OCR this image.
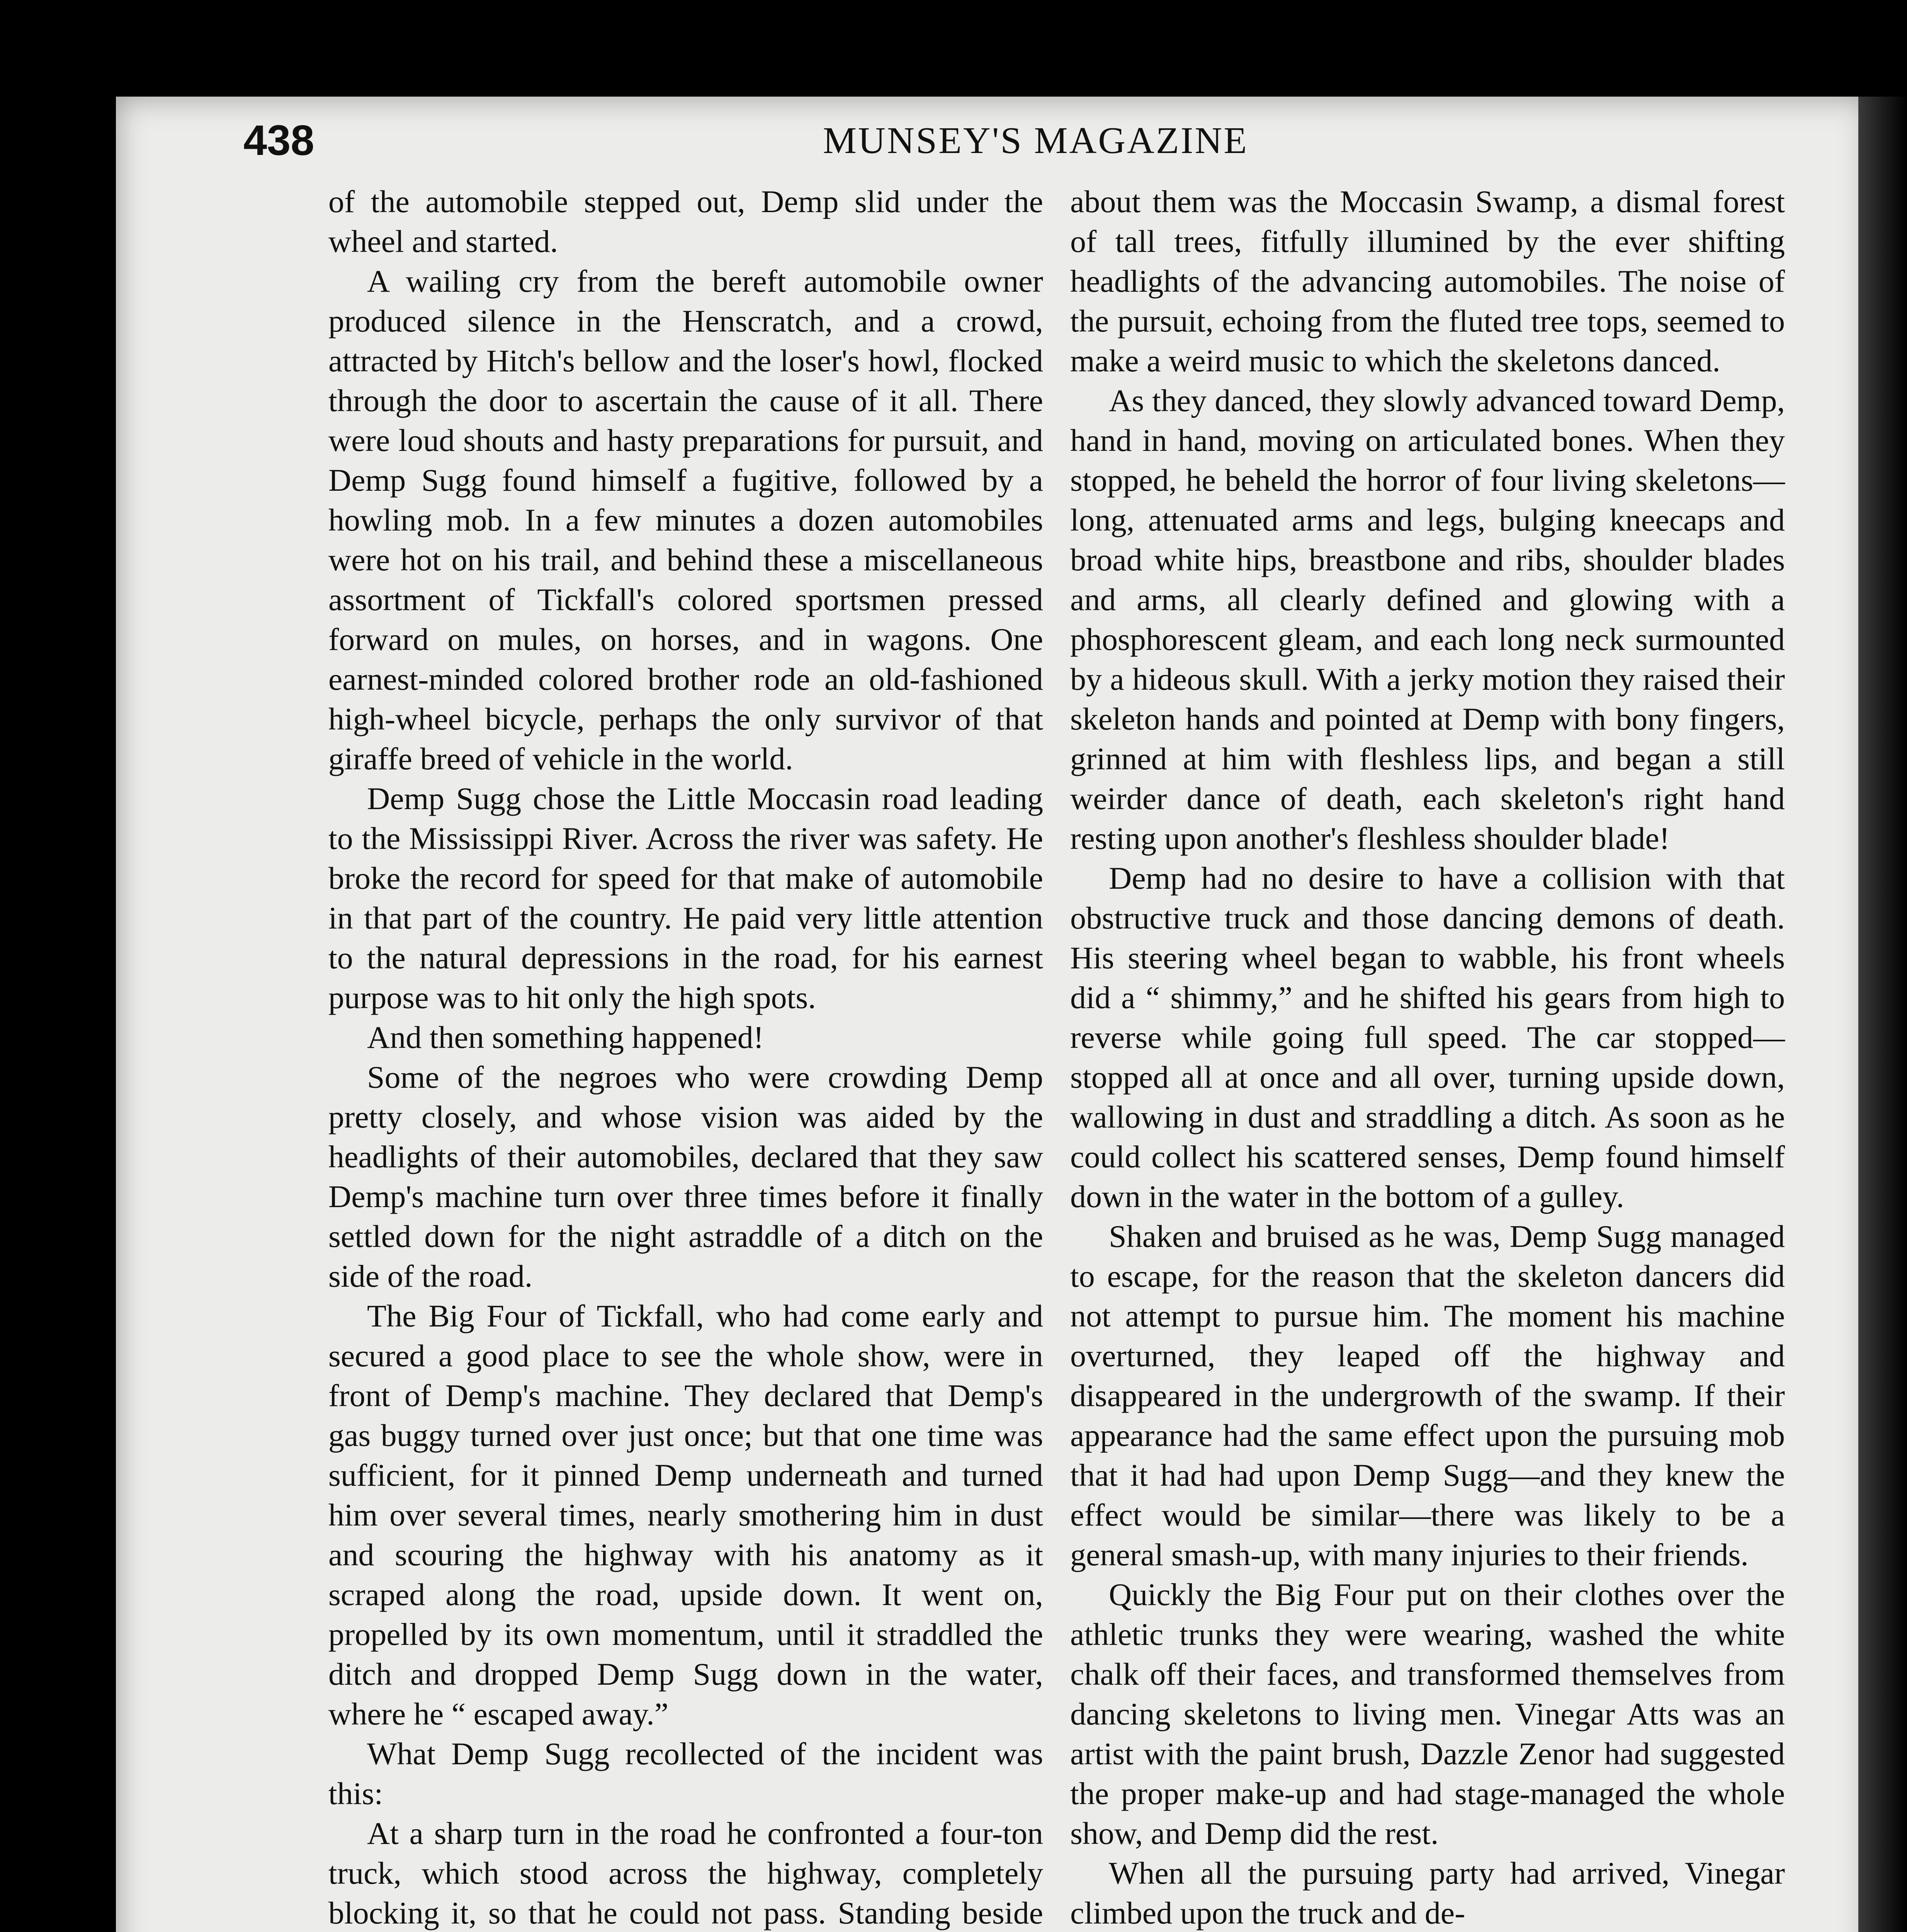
438	MUNSEY'S MAGAZINE

of the automobile stepped out, Demp slid under the wheel and started.

A wailing cry from the bereft automobile owner produced silence in the Henscratch, and a crowd, attracted by Hitch's bellow and the loser's howl, flocked through the door to ascertain the cause of it all. There were loud shouts and hasty preparations for pursuit, and Demp Sugg found himself a fugitive, followed by a howling mob. In a few minutes a dozen automobiles were hot on his trail, and behind these a miscellaneous assortment of Tickfall's colored sportsmen pressed forward on mules, on horses, and in wagons. One earnest-minded colored brother rode an old-fashioned high-wheel bicycle, perhaps the only survivor of that giraffe breed of vehicle in the world.

Demp Sugg chose the Little Moccasin road leading to the Mississippi River. Across the river was safety. He broke the record for speed for that make of automobile in that part of the country. He paid very little attention to the natural depressions in the road, for his earnest purpose was to hit only the high spots.

And then something happened!

Some of the negroes who were crowding Demp pretty closely, and whose vision was aided by the headlights of their automobiles, declared that they saw Demp's machine turn over three times before it finally settled down for the night astraddle of a ditch on the side of the road.

The Big Four of Tickfall, who had come early and secured a good place to see the whole show, were in front of Demp's machine. They declared that Demp's gas buggy turned over just once; but that one time was sufficient, for it pinned Demp underneath and turned him over several times, nearly smothering him in dust and scouring the highway with his anatomy as it scraped along the road, upside down. It went on, propelled by its own momentum, until it straddled the ditch and dropped Demp Sugg down in the water, where he “ escaped away.”

What Demp Sugg recollected of the incident was this:

At a sharp turn in the road he confronted a four-ton truck, which stood across the highway, completely blocking it, so that he could not pass. Standing beside

about them was the Moccasin Swamp, a dismal forest of tall trees, fitfully illumined by the ever shifting headlights of the advancing automobiles. The noise of the pursuit, echoing from the fluted tree tops, seemed to make a weird music to which the skeletons danced.

As they danced, they slowly advanced toward Demp, hand in hand, moving on articulated bones. When they stopped, he beheld the horror of four living skeletons—long, attenuated arms and legs, bulging kneecaps and broad white hips, breastbone and ribs, shoulder blades and arms, all clearly defined and glowing with a phosphorescent gleam, and each long neck surmounted by a hideous skull. With a jerky motion they raised their skeleton hands and pointed at Demp with bony fingers, grinned at him with fleshless lips, and began a still weirder dance of death, each skeleton's right hand resting upon another's fleshless shoulder blade!

Demp had no desire to have a collision with that obstructive truck and those dancing demons of death. His steering wheel began to wabble, his front wheels did a “ shimmy,” and he shifted his gears from high to reverse while going full speed. The car stopped—stopped all at once and all over, turning upside down, wallowing in dust and straddling a ditch. As soon as he could collect his scattered senses, Demp found himself down in the water in the bottom of a gulley.

Shaken and bruised as he was, Demp Sugg managed to escape, for the reason that the skeleton dancers did not attempt to pursue him. The moment his machine overturned, they leaped off the highway and disappeared in the undergrowth of the swamp. If their appearance had the same effect upon the pursuing mob that it had had upon Demp Sugg—and they knew the effect would be similar—there was likely to be a general smash-up, with many injuries to their friends.

Quickly the Big Four put on their clothes over the athletic trunks they were wearing, washed the white chalk off their faces, and transformed themselves from dancing skeletons to living men. Vinegar Atts was an artist with the paint brush, Dazzle Zenor had suggested the proper make-up and had stage-managed the whole show, and Demp did the rest.

When all the pursuing party had arrived, Vinegar climbed upon the truck and de-
